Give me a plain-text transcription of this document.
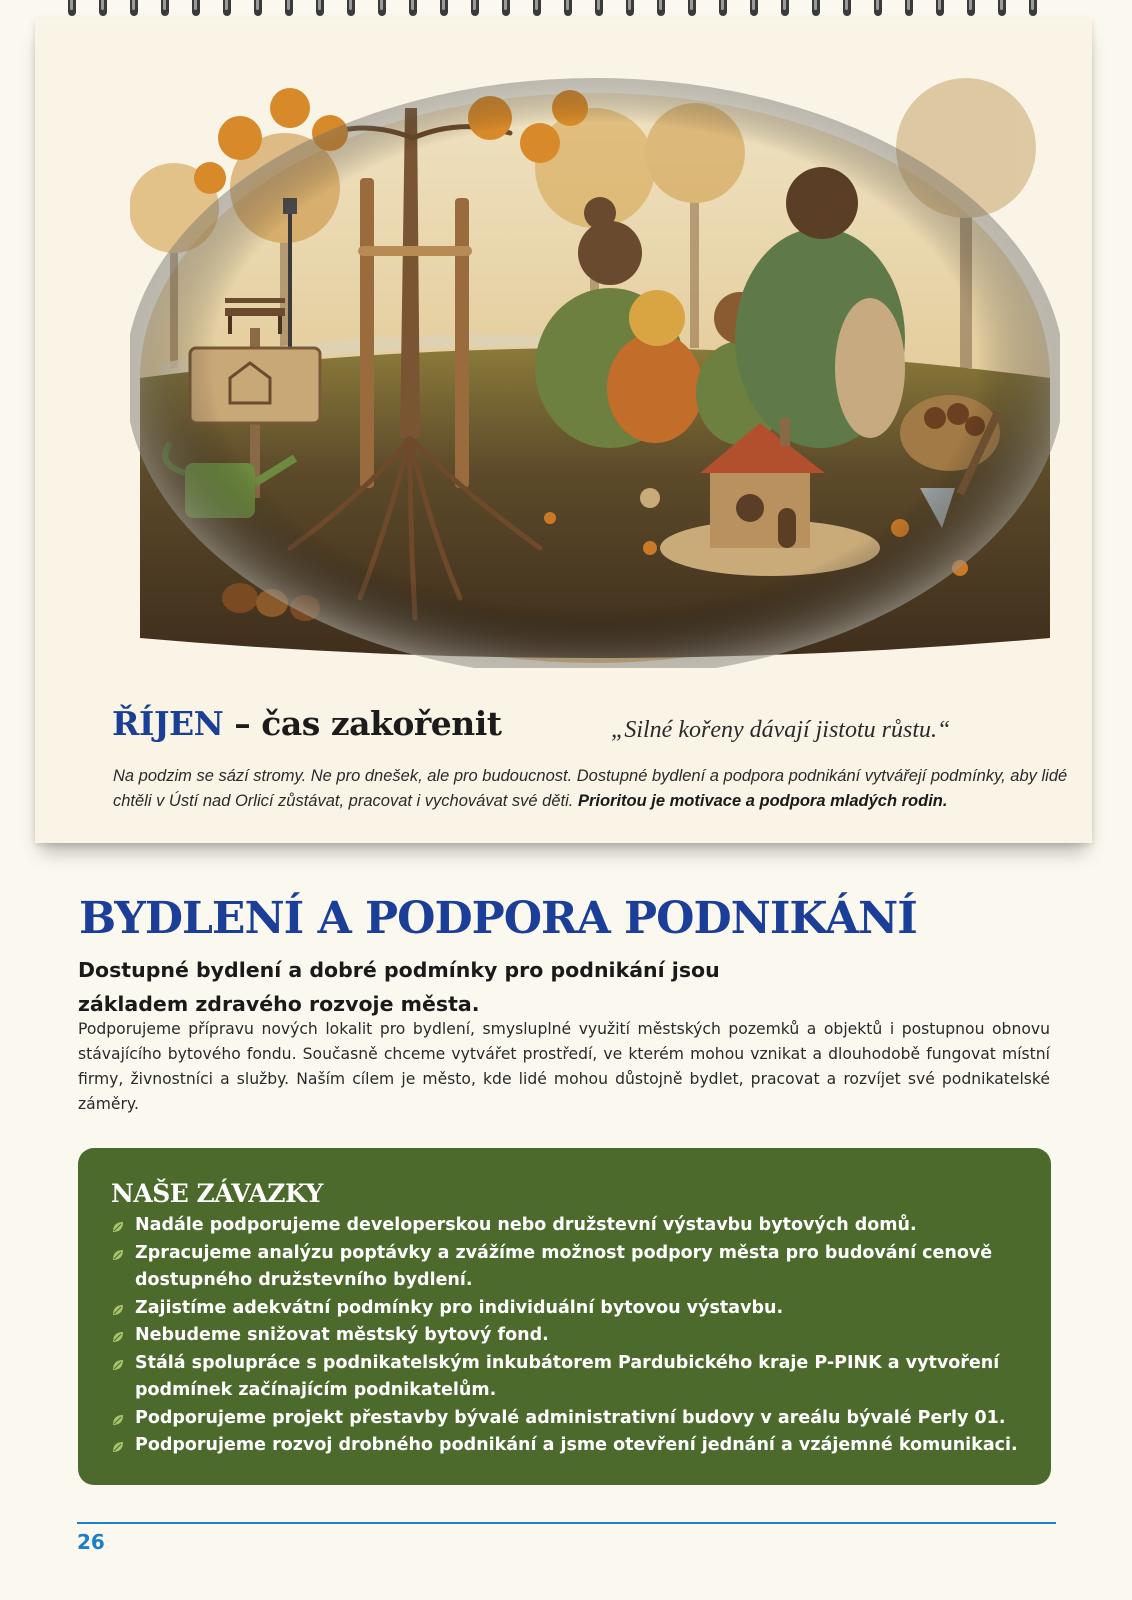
ŘÍJEN – čas zakořenit	„Silné kořeny dávají jistotu růstu.“

Na podzim se sází stromy. Ne pro dnešek, ale pro budoucnost. Dostupné bydlení a podpora podnikání vytvářejí podmínky, aby lidé chtěli v Ústí nad Orlicí zůstávat, pracovat i vychovávat své děti. Prioritou je motivace a podpora mladých rodin.

BYDLENÍ A PODPORA PODNIKÁNÍ

Dostupné bydlení a dobré podmínky pro podnikání jsou základem zdravého rozvoje města.

Podporujeme přípravu nových lokalit pro bydlení, smysluplné využití městských pozemků a objektů i postupnou obnovu stávajícího bytového fondu. Současně chceme vytvářet prostředí, ve kterém mohou vznikat a dlouhodobě fungovat místní firmy, živnostníci a služby. Naším cílem je město, kde lidé mohou důstojně bydlet, pracovat a rozvíjet své podnikatelské záměry.

NAŠE ZÁVAZKY
Nadále podporujeme developerskou nebo družstevní výstavbu bytových domů.
Zpracujeme analýzu poptávky a zvážíme možnost podpory města pro budování cenově dostupného družstevního bydlení.
Zajistíme adekvátní podmínky pro individuální bytovou výstavbu.
Nebudeme snižovat městský bytový fond.
Stálá spolupráce s podnikatelským inkubátorem Pardubického kraje P-PINK a vytvoření podmínek začínajícím podnikatelům.
Podporujeme projekt přestavby bývalé administrativní budovy v areálu bývalé Perly 01.
Podporujeme rozvoj drobného podnikání a jsme otevření jednání a vzájemné komunikaci.
26
